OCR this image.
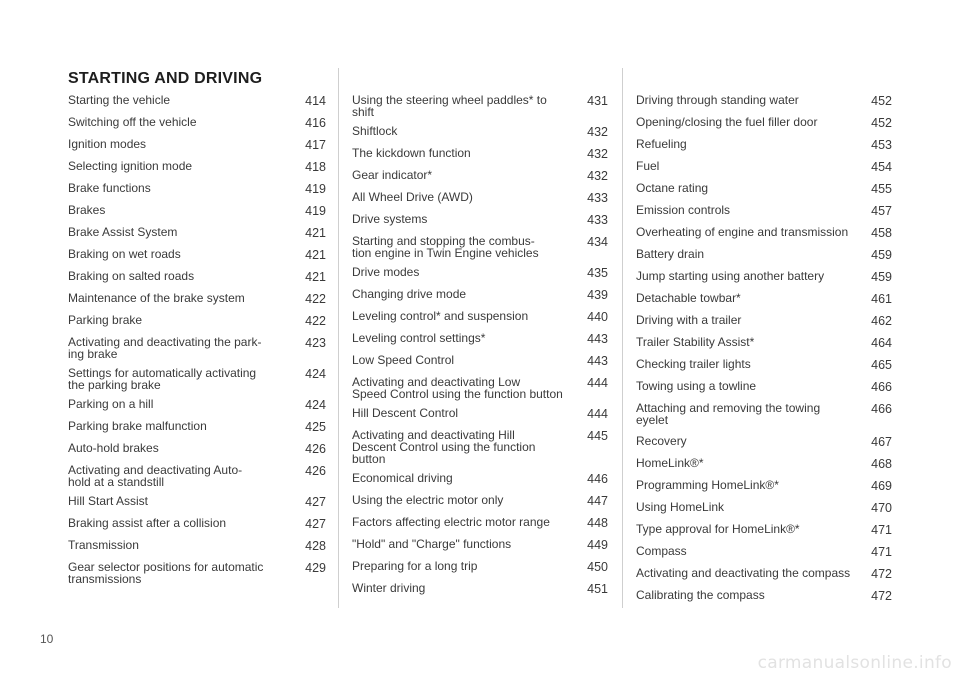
STARTING AND DRIVING
Starting the vehicle	414
Switching off the vehicle	416
Ignition modes	417
Selecting ignition mode	418
Brake functions	419
Brakes	419
Brake Assist System	421
Braking on wet roads	421
Braking on salted roads	421
Maintenance of the brake system	422
Parking brake	422
Activating and deactivating the park-
ing brake
423
Settings for automatically activating
the parking brake
424
Parking on a hill	424
Parking brake malfunction	425
Auto-hold brakes	426
Activating and deactivating Auto-
hold at a standstill
426
Hill Start Assist	427
Braking assist after a collision	427
Transmission	428
Gear selector positions for automatic
transmissions
429
Using the steering wheel paddles* to
shift
431
Shiftlock	432
The kickdown function	432
Gear indicator*	432
All Wheel Drive (AWD)	433
Drive systems	433
Starting and stopping the combus-
tion engine in Twin Engine vehicles
434
Drive modes	435
Changing drive mode	439
Leveling control* and suspension	440
Leveling control settings*	443
Low Speed Control	443
Activating and deactivating Low
Speed Control using the function button
444
Hill Descent Control	444
Activating and deactivating Hill
Descent Control using the function
button
445
Economical driving	446
Using the electric motor only	447
Factors affecting electric motor range	448
"Hold" and "Charge" functions	449
Preparing for a long trip	450
Winter driving	451
Driving through standing water	452
Opening/closing the fuel filler door	452
Refueling	453
Fuel	454
Octane rating	455
Emission controls	457
Overheating of engine and transmission	458
Battery drain	459
Jump starting using another battery	459
Detachable towbar*	461
Driving with a trailer	462
Trailer Stability Assist*	464
Checking trailer lights	465
Towing using a towline	466
Attaching and removing the towing eyelet
466
Recovery	467
HomeLink®*	468
Programming HomeLink®*	469
Using HomeLink	470
Type approval for HomeLink®*	471
Compass	471
Activating and deactivating the compass	472
Calibrating the compass	472
10
carmanualsonline.info
